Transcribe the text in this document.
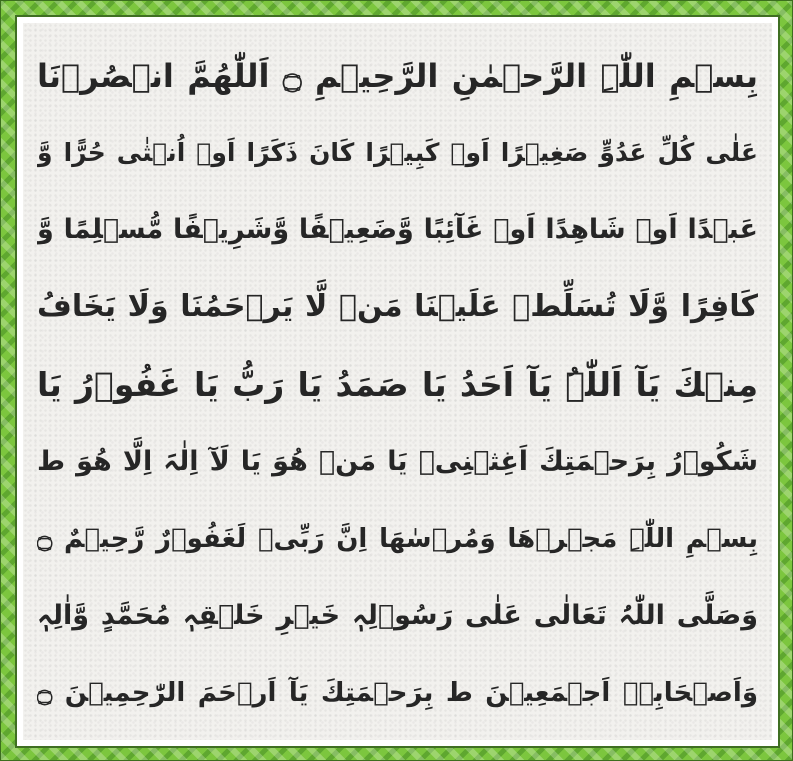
بِسۡمِ اللّٰہِ الرَّحۡمٰنِ الرَّحِیۡمِ ۝ اَللّٰھُمَّ انۡصُرۡنَا
عَلٰی کُلِّ عَدُوٍّ صَغِیۡرًا اَوۡ کَبِیۡرًا کَانَ ذَکَرًا اَوۡ اُنۡثٰی حُرًّا وَّ
عَبۡدًا اَوۡ شَاھِدًا اَوۡ غَآئِبًا وَّضَعِیۡفًا وَّشَرِیۡفًا مُّسۡلِمًا وَّ
کَافِرًا وَّلَا تُسَلِّطۡ عَلَیۡنَا مَنۡ لَّا یَرۡحَمُنَا وَلَا یَخَافُ
مِنۡكَ یَآ اَللّٰہُ یَآ اَحَدُ یَا صَمَدُ یَا رَبُّ یَا غَفُوۡرُ یَا
شَکُوۡرُ بِرَحۡمَتِكَ اَغِثۡنِیۡ یَا مَنۡ ھُوَ یَا لَآ اِلٰہَ اِلَّا ھُوَ ط
بِسۡمِ اللّٰہِ مَجۡرٖھَا وَمُرۡسٰھَا اِنَّ رَبِّیۡ لَغَفُوۡرٌ رَّحِیۡمٌ ۝
وَصَلَّی اللّٰہُ تَعَالٰی عَلٰی رَسُوۡلِہٖ خَیۡرِ خَلۡقِہٖ مُحَمَّدٍ وَّاٰلِہٖ
وَاَصۡحَابِہٖ اَجۡمَعِیۡنَ ط بِرَحۡمَتِكَ یَآ اَرۡحَمَ الرّٰحِمِیۡنَ ۝
